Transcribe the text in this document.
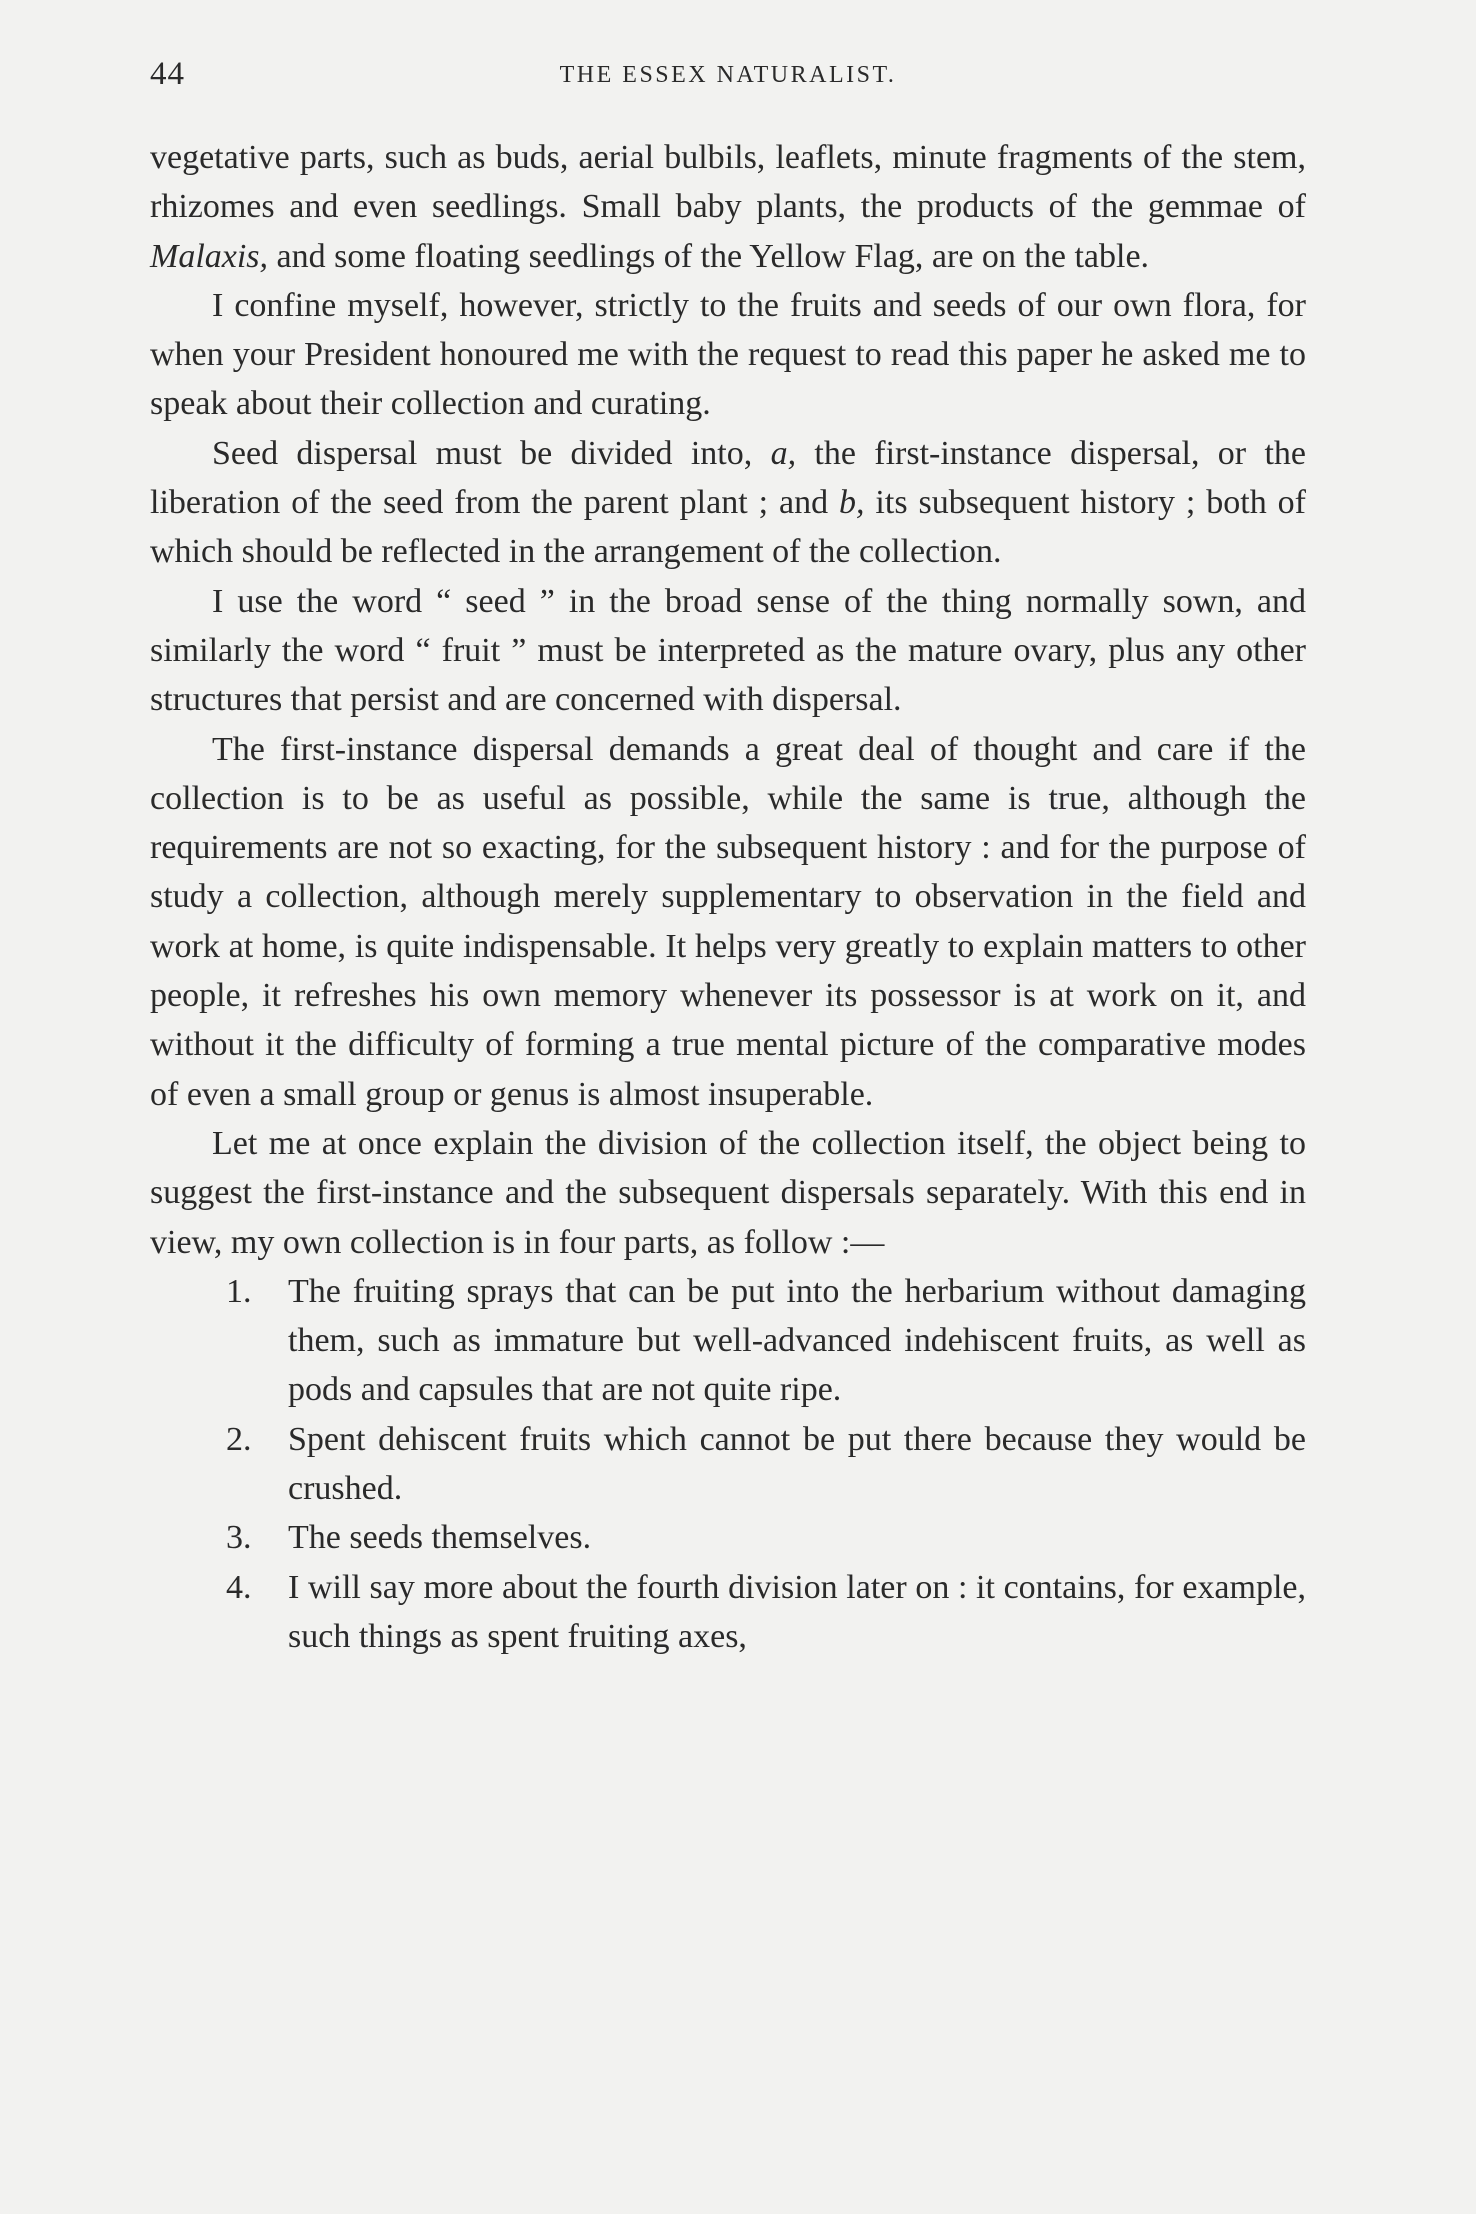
44	THE ESSEX NATURALIST.

vegetative parts, such as buds, aerial bulbils, leaflets, minute fragments of the stem, rhizomes and even seedlings. Small baby plants, the products of the gemmae of Malaxis, and some floating seedlings of the Yellow Flag, are on the table.

I confine myself, however, strictly to the fruits and seeds of our own flora, for when your President honoured me with the request to read this paper he asked me to speak about their collection and curating.

Seed dispersal must be divided into, a, the first-instance dispersal, or the liberation of the seed from the parent plant ; and b, its subsequent history ; both of which should be reflected in the arrangement of the collection.

I use the word “ seed ” in the broad sense of the thing normally sown, and similarly the word “ fruit ” must be interpreted as the mature ovary, plus any other structures that persist and are concerned with dispersal.

The first-instance dispersal demands a great deal of thought and care if the collection is to be as useful as possible, while the same is true, although the requirements are not so exacting, for the subsequent history : and for the purpose of study a collection, although merely supplementary to observation in the field and work at home, is quite indispensable. It helps very greatly to explain matters to other people, it refreshes his own memory whenever its possessor is at work on it, and without it the difficulty of forming a true mental picture of the comparative modes of even a small group or genus is almost insuperable.

Let me at once explain the division of the collection itself, the object being to suggest the first-instance and the subsequent dispersals separately. With this end in view, my own collection is in four parts, as follow :—

1. The fruiting sprays that can be put into the herbarium without damaging them, such as immature but well-advanced indehiscent fruits, as well as pods and capsules that are not quite ripe.
2. Spent dehiscent fruits which cannot be put there because they would be crushed.
3. The seeds themselves.
4. I will say more about the fourth division later on : it contains, for example, such things as spent fruiting axes,
